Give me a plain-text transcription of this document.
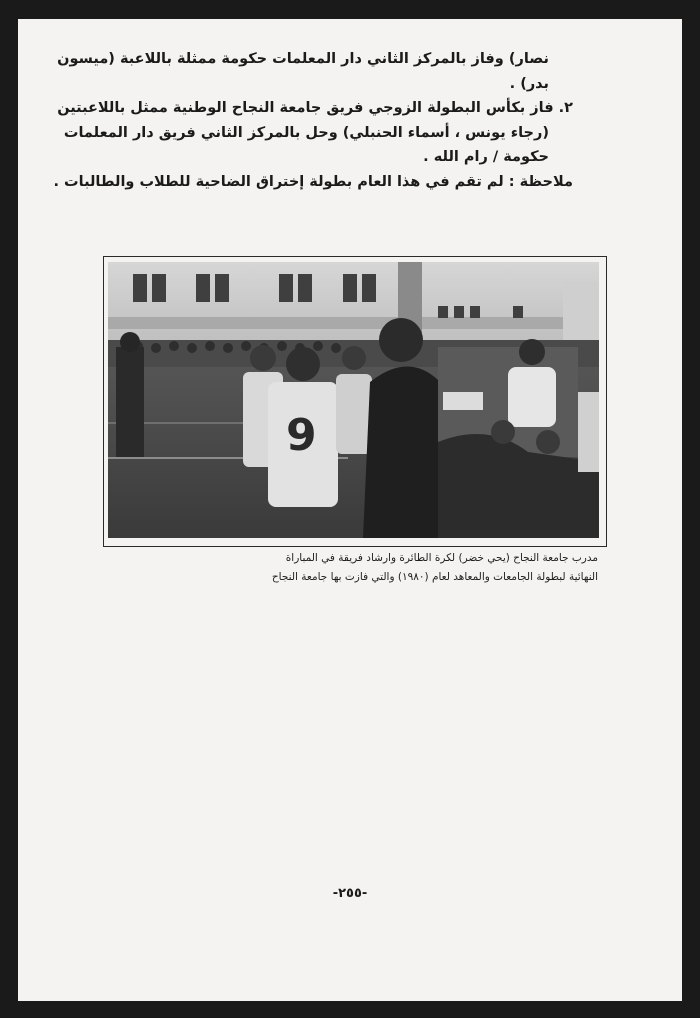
نصار) وفاز بالمركز الثاني دار المعلمات حكومة ممثلة باللاعبة (ميسون
بدر) .
٢. فاز بكأس البطولة الزوجي فريق جامعة النجاح الوطنية ممثل باللاعبتين
(رجاء يونس ، أسماء الحنبلي) وحل بالمركز الثاني فريق دار المعلمات
حكومة / رام الله .
ملاحظة : لم تقم في هذا العام بطولة إختراق الضاحية للطلاب والطالبات .
9
مدرب جامعة النجاح (يحي خضر) لكرة الطائرة وارشاد فريقة في المباراة
النهائية لبطولة الجامعات والمعاهد لعام (١٩٨٠) والتي فازت بها جامعة النجاح
-٢٥٥-
